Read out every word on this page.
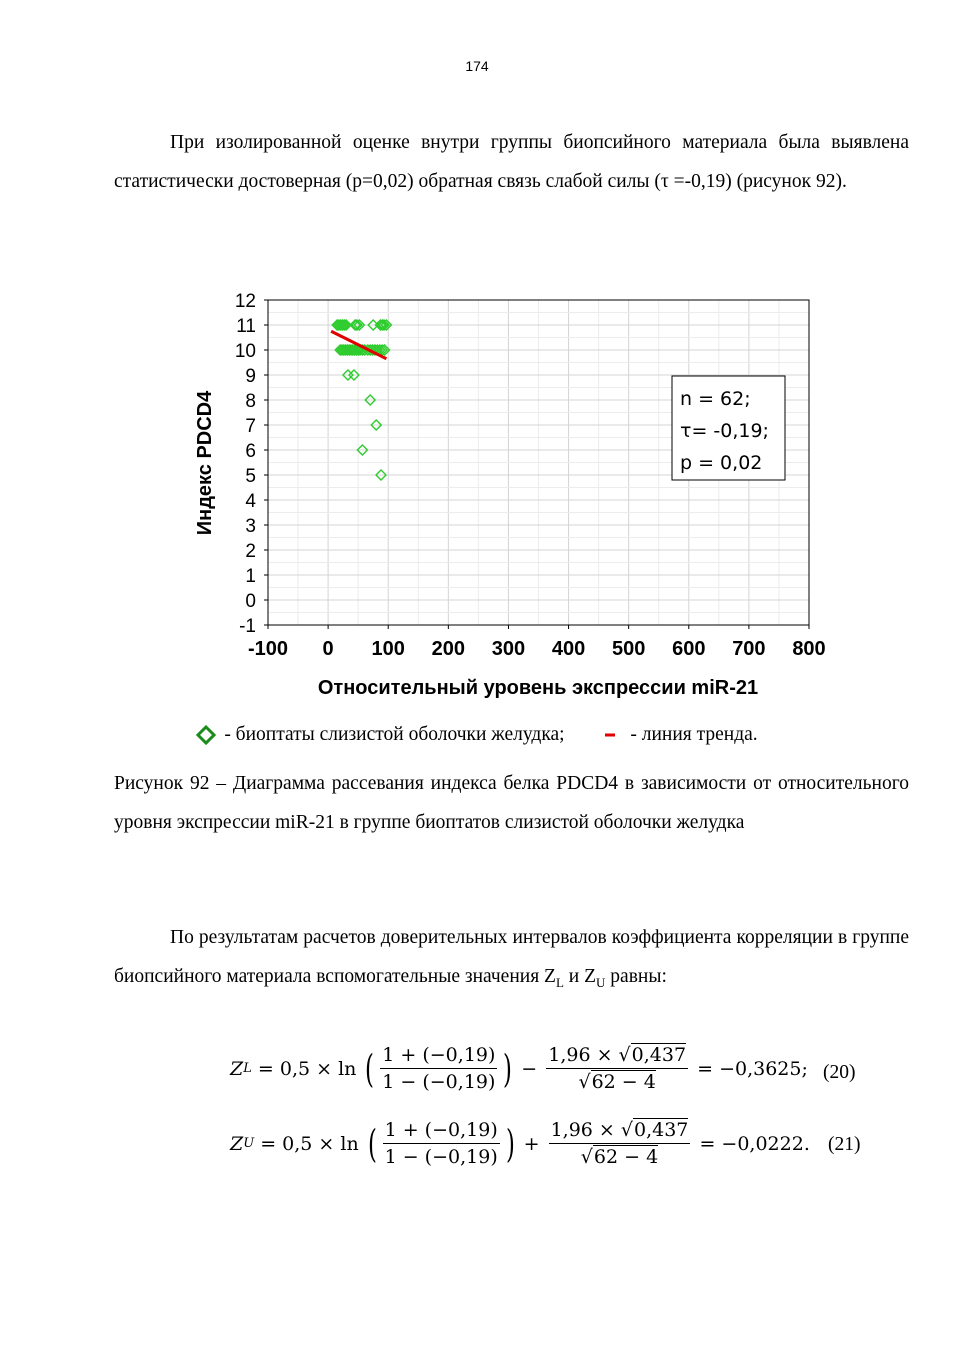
174

При изолированной оценке внутри группы биопсийного материала была выявлена статистически достоверная (p=0,02) обратная связь слабой силы (τ =-0,19) (рисунок 92).

12
11
10
9
8
7
6
5
4
3
2
1
0
-1
-100 0 100 200 300 400 500 600 700 800
n = 62;
τ= -0,19;
p = 0,02
Индекс PDCD4
Относительный уровень экспрессии miR-21
- биоптаты слизистой оболочки желудка;
	- линия тренда.

Рисунок 92 – Диаграмма рассевания индекса белка PDCD4 в зависимости от относительного уровня экспрессии miR-21 в группе биоптатов слизистой оболочки желудка

По результатам расчетов доверительных интервалов коэффициента корреляции в группе биопсийного материала вспомогательные значения $Z_L$ и $Z_U$ равны:

Z L
= 0,5 × ln
( $\frac{1 + (-0,19)}{1 - (-0,19)}$ )
−
$\frac{1,96 \times √0,437}{√62 - 4}$
= −0,3625; (20)
Z U
= 0,5 × ln
( $\frac{1 + (-0,19)}{1 - (-0,19)}$ )
+
$\frac{1,96 \times √0,437}{√62 - 4}$
= −0,0222. (21)
